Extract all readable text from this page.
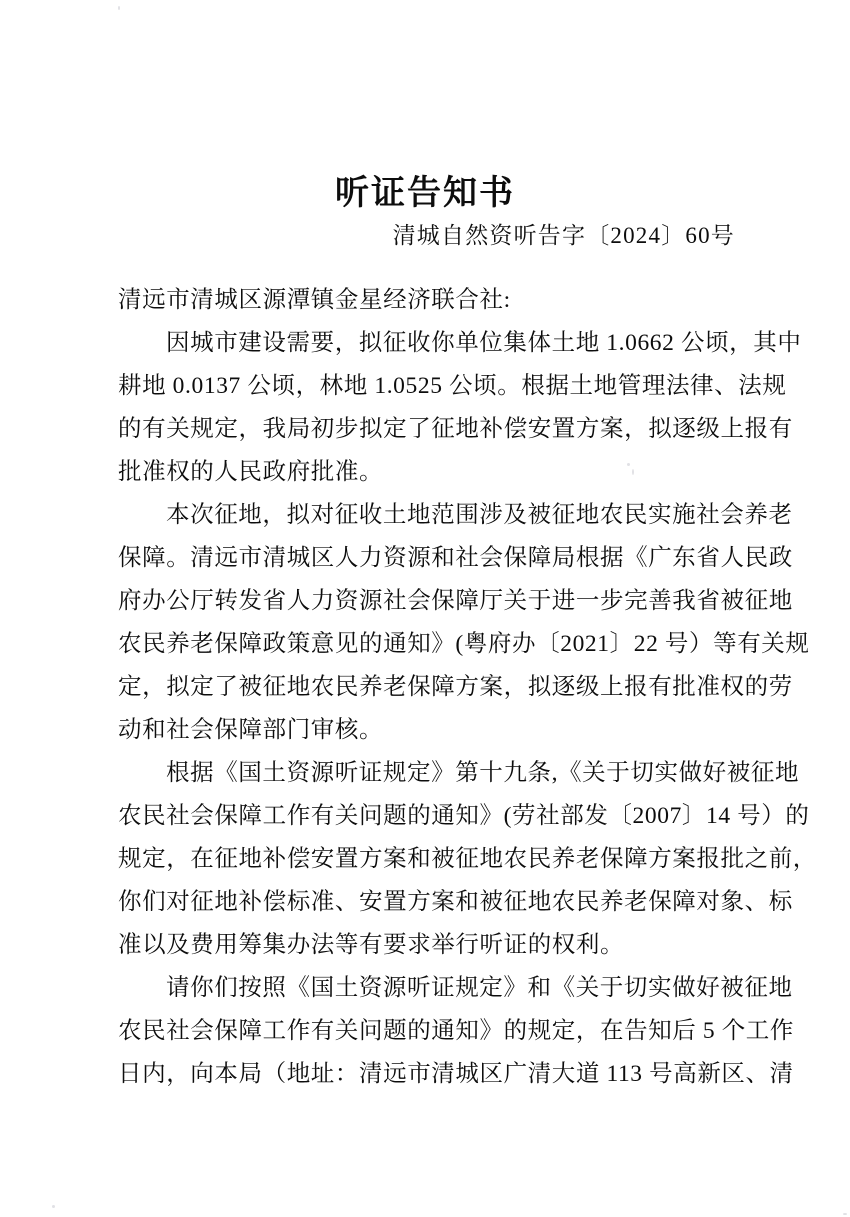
听证告知书
清城自然资听告字〔2024〕60号
清远市清城区源潭镇金星经济联合社:
因城市建设需要，拟征收你单位集体土地 1.0662 公顷，其中
耕地 0.0137 公顷，林地 1.0525 公顷。根据土地管理法律、法规
的有关规定，我局初步拟定了征地补偿安置方案，拟逐级上报有
批准权的人民政府批准。
本次征地，拟对征收土地范围涉及被征地农民实施社会养老
保障。清远市清城区人力资源和社会保障局根据《广东省人民政
府办公厅转发省人力资源社会保障厅关于进一步完善我省被征地
农民养老保障政策意见的通知》(粤府办〔2021〕22 号）等有关规
定，拟定了被征地农民养老保障方案，拟逐级上报有批准权的劳
动和社会保障部门审核。
根据《国土资源听证规定》第十九条,《关于切实做好被征地
农民社会保障工作有关问题的通知》(劳社部发〔2007〕14 号）的
规定，在征地补偿安置方案和被征地农民养老保障方案报批之前，
你们对征地补偿标准、安置方案和被征地农民养老保障对象、标
准以及费用筹集办法等有要求举行听证的权利。
请你们按照《国土资源听证规定》和《关于切实做好被征地
农民社会保障工作有关问题的通知》的规定，在告知后 5 个工作
日内，向本局（地址：清远市清城区广清大道 113 号高新区、清
